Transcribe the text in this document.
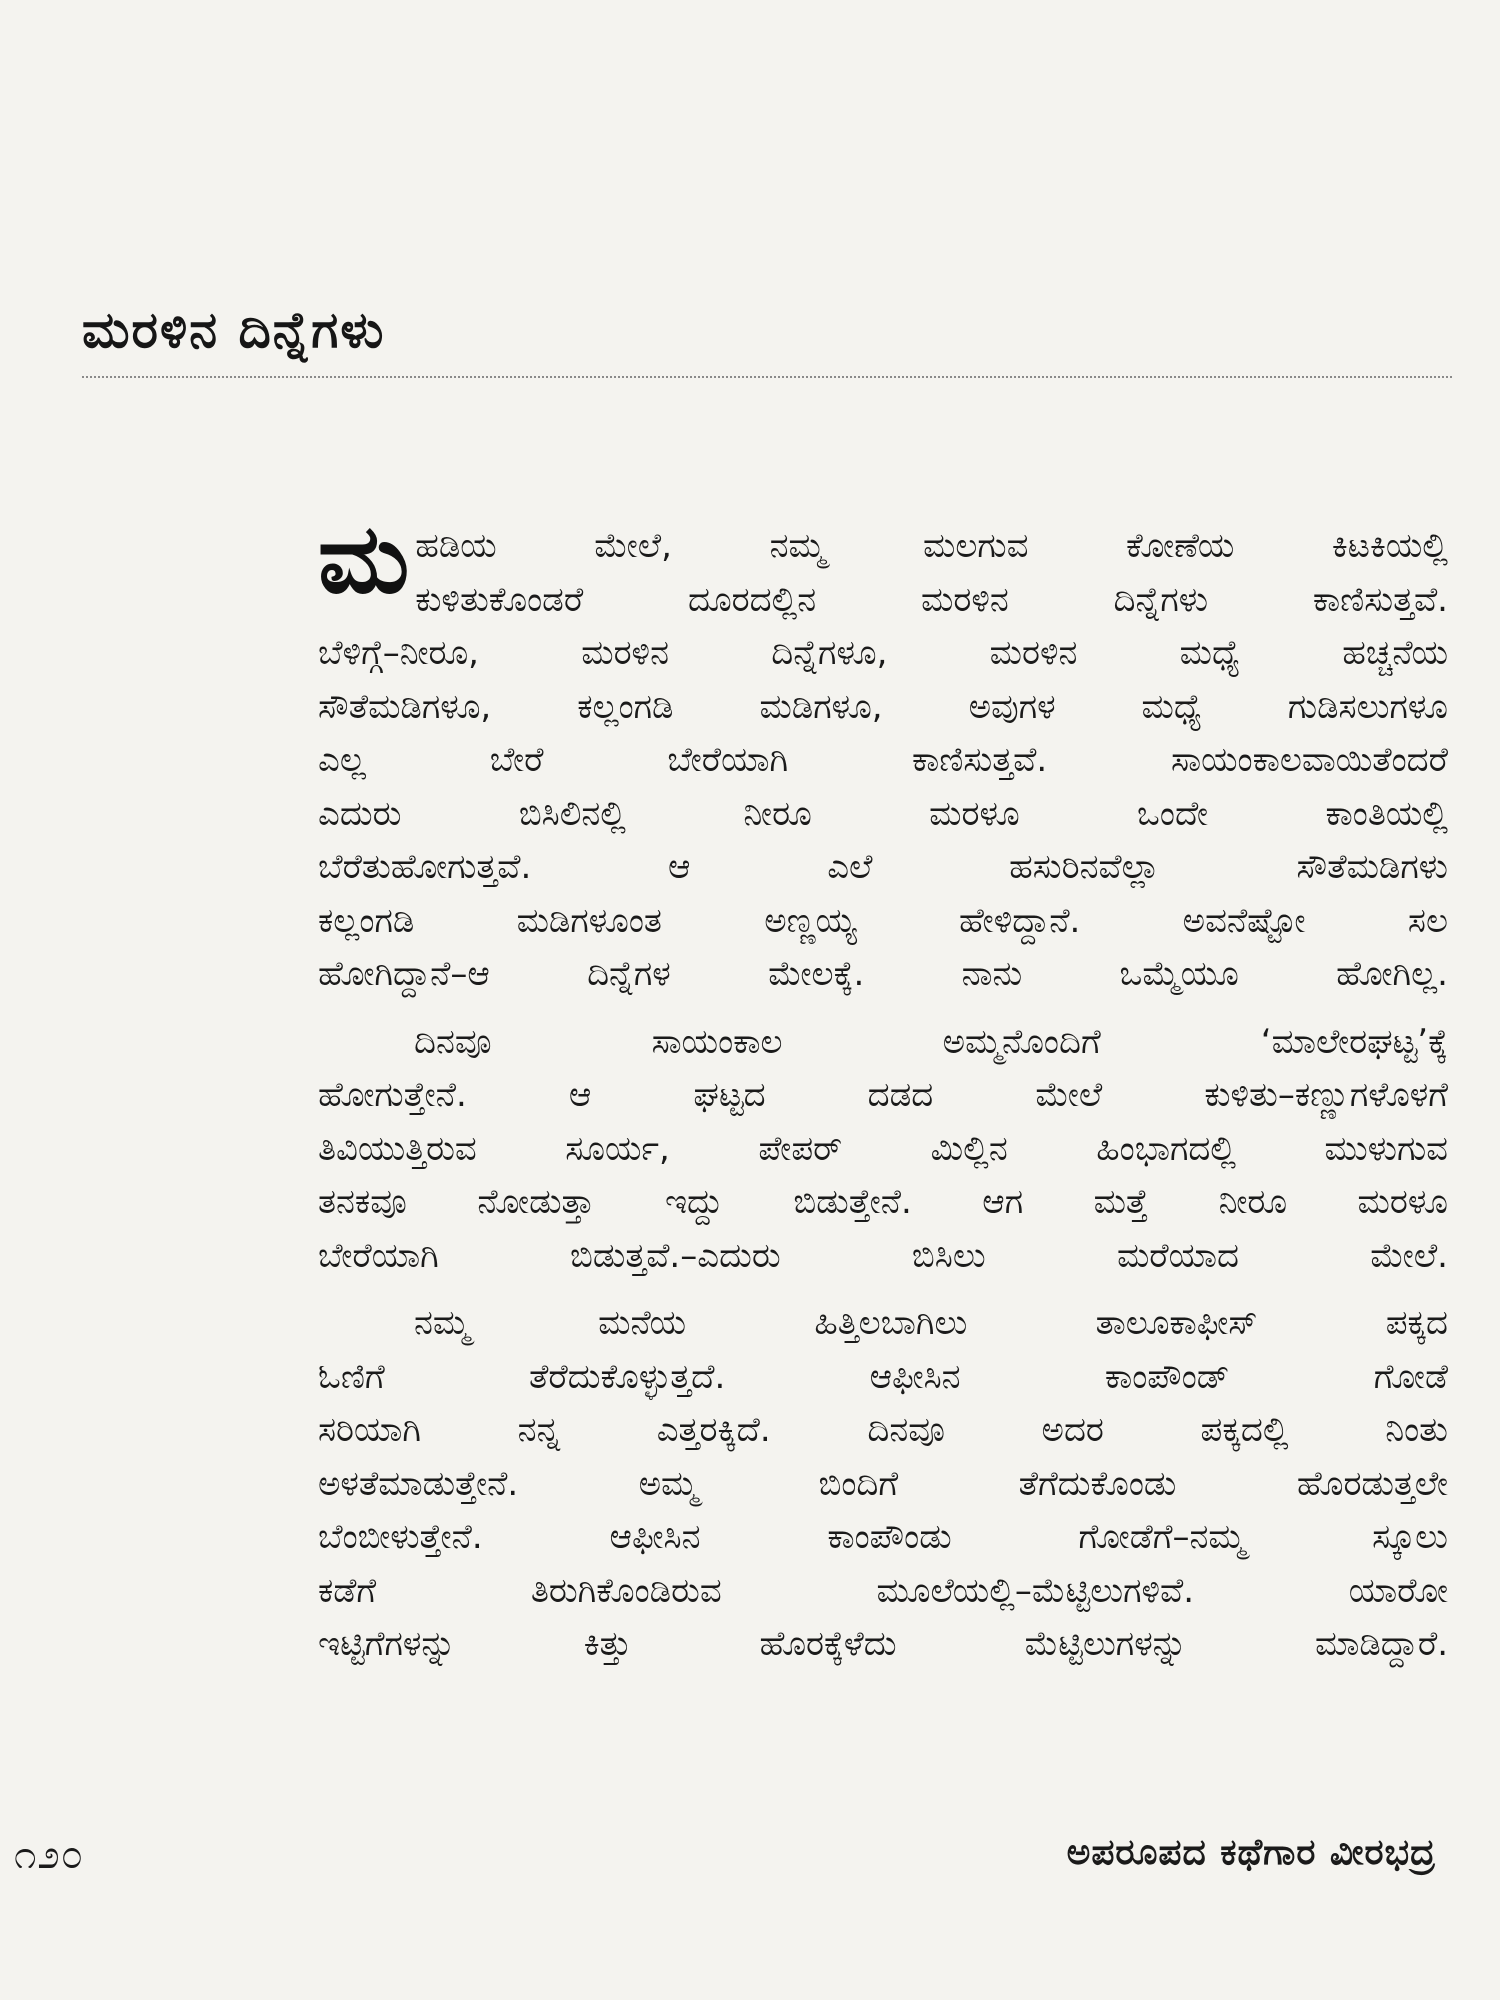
ಮರಳಿನ ದಿನ್ನೆಗಳು
ಮ ಹಡಿಯ ಮೇಲೆ, ನಮ್ಮ ಮಲಗುವ ಕೋಣೆಯ ಕಿಟಕಿಯಲ್ಲಿ
ಕುಳಿತುಕೊಂಡರೆ ದೂರದಲ್ಲಿನ ಮರಳಿನ ದಿನ್ನೆಗಳು ಕಾಣಿಸುತ್ತವೆ.
ಬೆಳಿಗ್ಗೆ–ನೀರೂ, ಮರಳಿನ ದಿನ್ನೆಗಳೂ, ಮರಳಿನ ಮಧ್ಯೆ ಹಚ್ಚನೆಯ
ಸೌತೆಮಡಿಗಳೂ, ಕಲ್ಲಂಗಡಿ ಮಡಿಗಳೂ, ಅವುಗಳ ಮಧ್ಯೆ ಗುಡಿಸಲುಗಳೂ
ಎಲ್ಲ ಬೇರೆ ಬೇರೆಯಾಗಿ ಕಾಣಿಸುತ್ತವೆ. ಸಾಯಂಕಾಲವಾಯಿತೆಂದರೆ
ಎದುರು ಬಿಸಿಲಿನಲ್ಲಿ ನೀರೂ ಮರಳೂ ಒಂದೇ ಕಾಂತಿಯಲ್ಲಿ
ಬೆರೆತುಹೋಗುತ್ತವೆ. ಆ ಎಲೆ ಹಸುರಿನವೆಲ್ಲಾ ಸೌತೆಮಡಿಗಳು
ಕಲ್ಲಂಗಡಿ ಮಡಿಗಳೂಂತ ಅಣ್ಣಯ್ಯ ಹೇಳಿದ್ದಾನೆ. ಅವನೆಷ್ಟೋ ಸಲ
ಹೋಗಿದ್ದಾನೆ–ಆ ದಿನ್ನೆಗಳ ಮೇಲಕ್ಕೆ. ನಾನು ಒಮ್ಮೆಯೂ ಹೋಗಿಲ್ಲ.
ದಿನವೂ ಸಾಯಂಕಾಲ ಅಮ್ಮನೊಂದಿಗೆ ‘ಮಾಲೇರಘಟ್ಟ’ಕ್ಕೆ
ಹೋಗುತ್ತೇನೆ. ಆ ಘಟ್ಟದ ದಡದ ಮೇಲೆ ಕುಳಿತು–ಕಣ್ಣುಗಳೊಳಗೆ
ತಿವಿಯುತ್ತಿರುವ ಸೂರ್ಯ, ಪೇಪರ್ ಮಿಲ್ಲಿನ ಹಿಂಭಾಗದಲ್ಲಿ ಮುಳುಗುವ
ತನಕವೂ ನೋಡುತ್ತಾ ಇದ್ದು ಬಿಡುತ್ತೇನೆ. ಆಗ ಮತ್ತೆ ನೀರೂ ಮರಳೂ
ಬೇರೆಯಾಗಿ ಬಿಡುತ್ತವೆ.–ಎದುರು ಬಿಸಿಲು ಮರೆಯಾದ ಮೇಲೆ.
ನಮ್ಮ ಮನೆಯ ಹಿತ್ತಿಲಬಾಗಿಲು ತಾಲೂಕಾಫೀಸ್ ಪಕ್ಕದ
ಓಣಿಗೆ ತೆರೆದುಕೊಳ್ಳುತ್ತದೆ. ಆಫೀಸಿನ ಕಾಂಪೌಂಡ್ ಗೋಡೆ
ಸರಿಯಾಗಿ ನನ್ನ ಎತ್ತರಕ್ಕಿದೆ. ದಿನವೂ ಅದರ ಪಕ್ಕದಲ್ಲಿ ನಿಂತು
ಅಳತೆಮಾಡುತ್ತೇನೆ. ಅಮ್ಮ ಬಿಂದಿಗೆ ತೆಗೆದುಕೊಂಡು ಹೊರಡುತ್ತಲೇ
ಬೆಂಬೀಳುತ್ತೇನೆ. ಆಫೀಸಿನ ಕಾಂಪೌಂಡು ಗೋಡೆಗೆ–ನಮ್ಮ ಸ್ಕೂಲು
ಕಡೆಗೆ ತಿರುಗಿಕೊಂಡಿರುವ ಮೂಲೆಯಲ್ಲಿ–ಮೆಟ್ಟಿಲುಗಳಿವೆ. ಯಾರೋ
ಇಟ್ಟಿಗೆಗಳನ್ನು ಕಿತ್ತು ಹೊರಕ್ಕೆಳೆದು ಮೆಟ್ಟಿಲುಗಳನ್ನು ಮಾಡಿದ್ದಾರೆ.
೧೨೦	ಅಪರೂಪದ ಕಥೆಗಾರ ವೀರಭದ್ರ
